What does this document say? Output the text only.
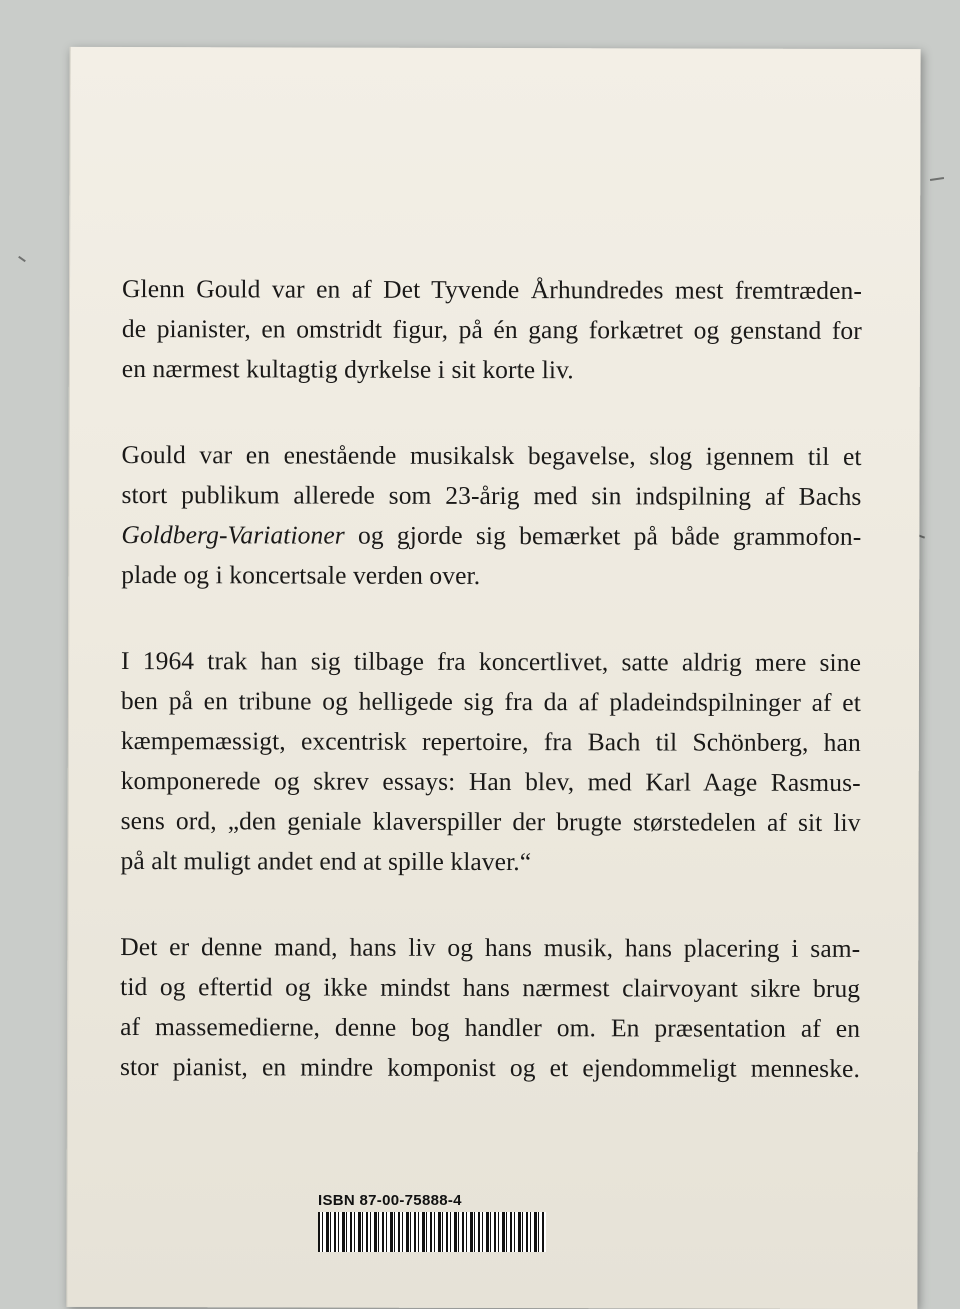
Glenn Gould var en af Det Tyvende Århundredes mest fremtræden-
de pianister, en omstridt figur, på én gang forkætret og genstand for
en nærmest kultagtig dyrkelse i sit korte liv.

Gould var en enestående musikalsk begavelse, slog igennem til et
stort publikum allerede som 23-årig med sin indspilning af Bachs
Goldberg-Variationer og gjorde sig bemærket på både grammofon-
plade og i koncertsale verden over.

I 1964 trak han sig tilbage fra koncertlivet, satte aldrig mere sine
ben på en tribune og helligede sig fra da af pladeindspilninger af et
kæmpemæssigt, excentrisk repertoire, fra Bach til Schönberg, han
komponerede og skrev essays: Han blev, med Karl Aage Rasmus-
sens ord, „den geniale klaverspiller der brugte størstedelen af sit liv
på alt muligt andet end at spille klaver.“

Det er denne mand, hans liv og hans musik, hans placering i sam-
tid og eftertid og ikke mindst hans nærmest clairvoyant sikre brug
af massemedierne, denne bog handler om. En præsentation af en
stor pianist, en mindre komponist og et ejendommeligt menneske.

ISBN 87-00-75888-4
